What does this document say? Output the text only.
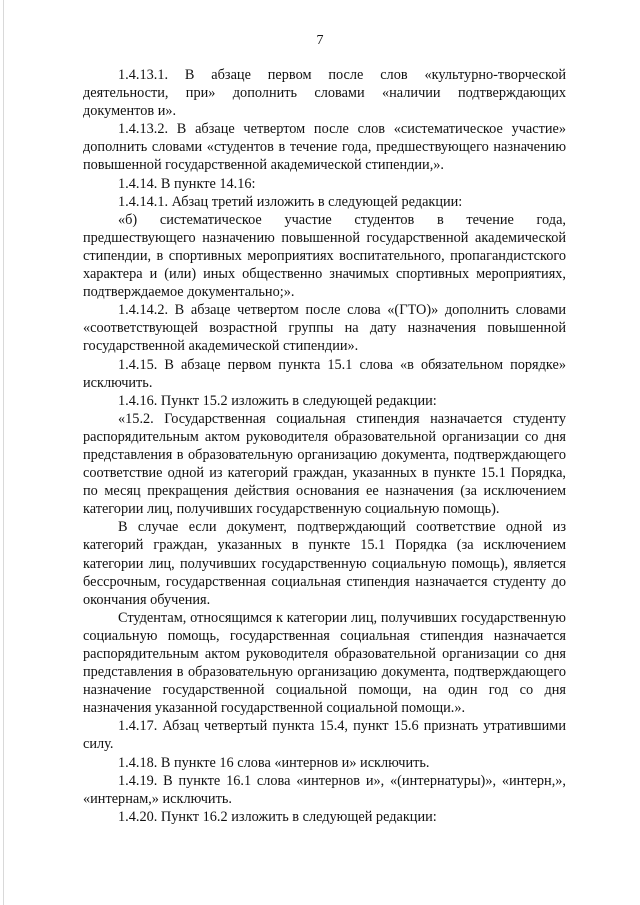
7

1.4.13.1. В абзаце первом после слов «культурно-творческой деятельности, при» дополнить словами «наличии подтверждающих документов и».

1.4.13.2. В абзаце четвертом после слов «систематическое участие» дополнить словами «студентов в течение года, предшествующего назначению повышенной государственной академической стипендии,».

1.4.14. В пункте 14.16:

1.4.14.1. Абзац третий изложить в следующей редакции:

«б) систематическое участие студентов в течение года, предшествующего назначению повышенной государственной академической стипендии, в спортивных мероприятиях воспитательного, пропагандистского характера и (или) иных общественно значимых спортивных мероприятиях, подтверждаемое документально;».

1.4.14.2. В абзаце четвертом после слова «(ГТО)» дополнить словами «соответствующей возрастной группы на дату назначения повышенной государственной академической стипендии».

1.4.15. В абзаце первом пункта 15.1 слова «в обязательном порядке» исключить.

1.4.16. Пункт 15.2 изложить в следующей редакции:

«15.2. Государственная социальная стипендия назначается студенту распорядительным актом руководителя образовательной организации со дня представления в образовательную организацию документа, подтверждающего соответствие одной из категорий граждан, указанных в пункте 15.1 Порядка, по месяц прекращения действия основания ее назначения (за исключением категории лиц, получивших государственную социальную помощь).

В случае если документ, подтверждающий соответствие одной из категорий граждан, указанных в пункте 15.1 Порядка (за исключением категории лиц, получивших государственную социальную помощь), является бессрочным, государственная социальная стипендия назначается студенту до окончания обучения.

Студентам, относящимся к категории лиц, получивших государственную социальную помощь, государственная социальная стипендия назначается распорядительным актом руководителя образовательной организации со дня представления в образовательную организацию документа, подтверждающего назначение государственной социальной помощи, на один год со дня назначения указанной государственной социальной помощи.».

1.4.17. Абзац четвертый пункта 15.4, пункт 15.6 признать утратившими силу.

1.4.18. В пункте 16 слова «интернов и» исключить.

1.4.19. В пункте 16.1 слова «интернов и», «(интернатуры)», «интерн,», «интернам,» исключить.

1.4.20. Пункт 16.2 изложить в следующей редакции:
